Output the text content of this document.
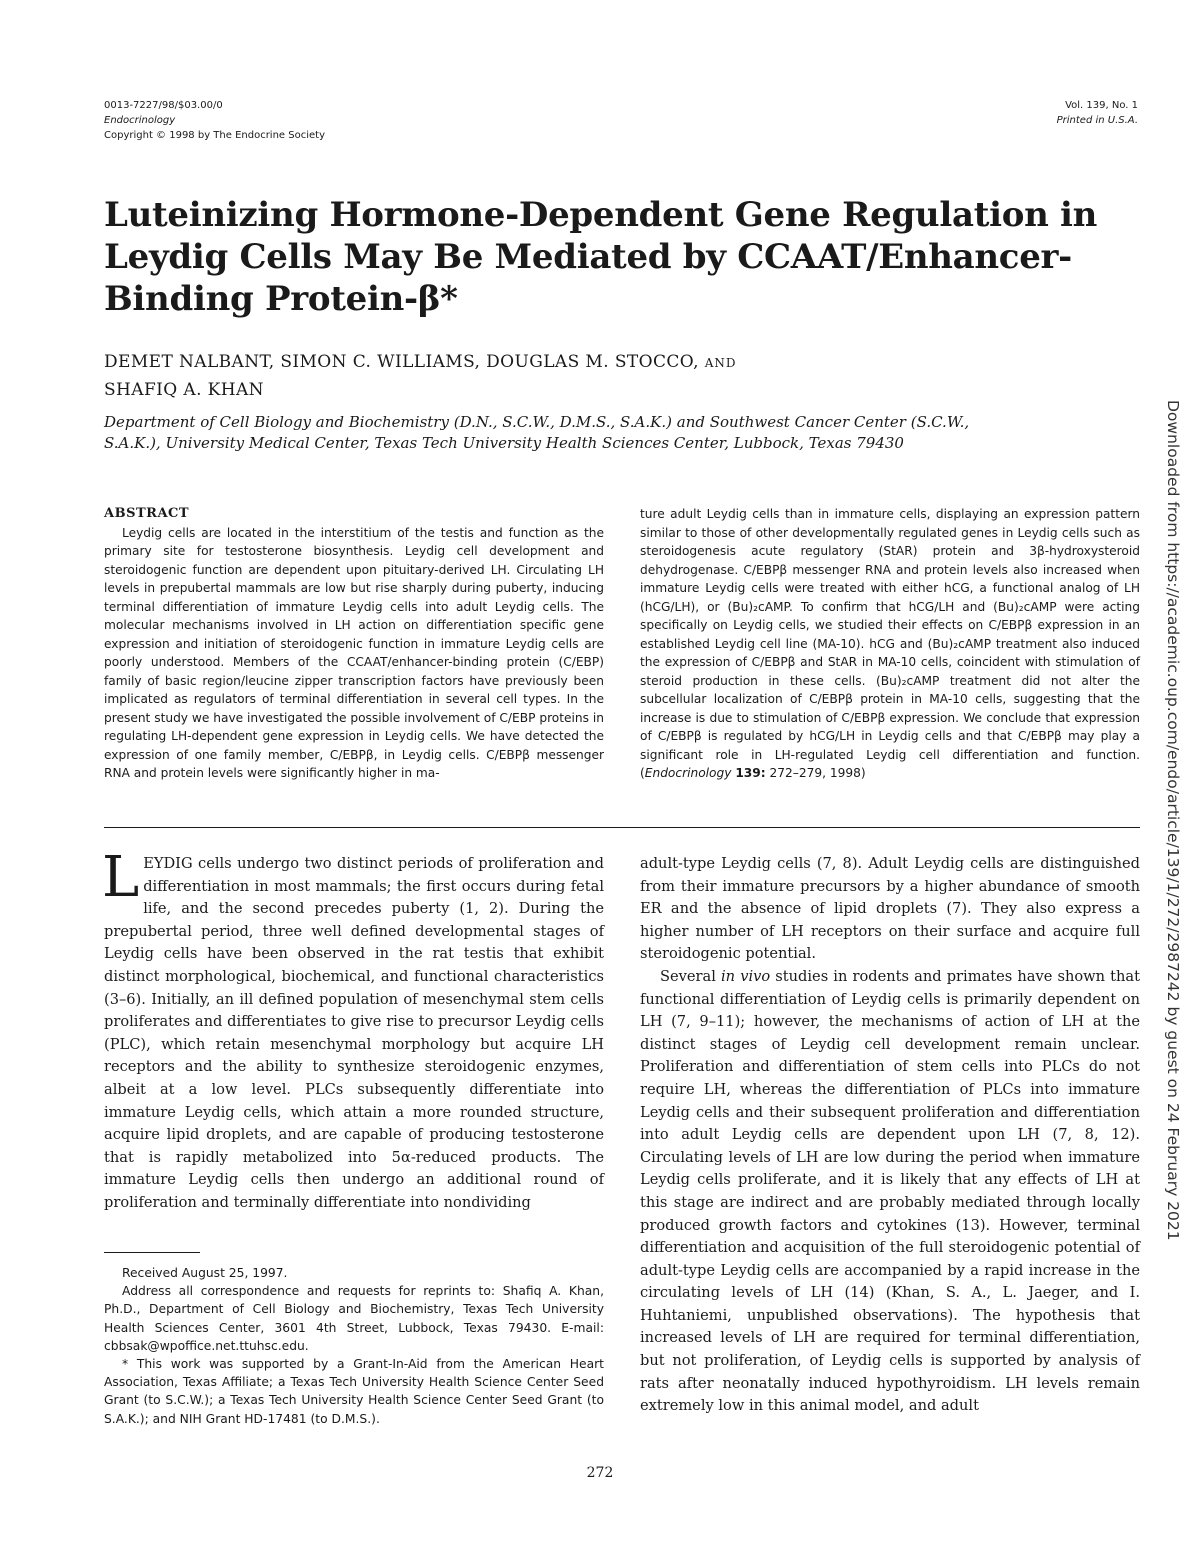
0013-7227/98/$03.00/0
Endocrinology
Copyright © 1998 by The Endocrine Society
Vol. 139, No. 1
Printed in U.S.A.
Luteinizing Hormone-Dependent Gene Regulation in Leydig Cells May Be Mediated by CCAAT/Enhancer-Binding Protein-β*
DEMET NALBANT, SIMON C. WILLIAMS, DOUGLAS M. STOCCO, AND
SHAFIQ A. KHAN
Department of Cell Biology and Biochemistry (D.N., S.C.W., D.M.S., S.A.K.) and Southwest Cancer Center (S.C.W., S.A.K.), University Medical Center, Texas Tech University Health Sciences Center, Lubbock, Texas 79430
ABSTRACT

Leydig cells are located in the interstitium of the testis and function as the primary site for testosterone biosynthesis. Leydig cell development and steroidogenic function are dependent upon pituitary-derived LH. Circulating LH levels in prepubertal mammals are low but rise sharply during puberty, inducing terminal differentiation of immature Leydig cells into adult Leydig cells. The molecular mechanisms involved in LH action on differentiation specific gene expression and initiation of steroidogenic function in immature Leydig cells are poorly understood. Members of the CCAAT/enhancer-binding protein (C/EBP) family of basic region/leucine zipper transcription factors have previously been implicated as regulators of terminal differentiation in several cell types. In the present study we have investigated the possible involvement of C/EBP proteins in regulating LH-dependent gene expression in Leydig cells. We have detected the expression of one family member, C/EBPβ, in Leydig cells. C/EBPβ messenger RNA and protein levels were significantly higher in ma-

ture adult Leydig cells than in immature cells, displaying an expression pattern similar to those of other developmentally regulated genes in Leydig cells such as steroidogenesis acute regulatory (StAR) protein and 3β-hydroxysteroid dehydrogenase. C/EBPβ messenger RNA and protein levels also increased when immature Leydig cells were treated with either hCG, a functional analog of LH (hCG/LH), or (Bu)₂cAMP. To confirm that hCG/LH and (Bu)₂cAMP were acting specifically on Leydig cells, we studied their effects on C/EBPβ expression in an established Leydig cell line (MA-10). hCG and (Bu)₂cAMP treatment also induced the expression of C/EBPβ and StAR in MA-10 cells, coincident with stimulation of steroid production in these cells. (Bu)₂cAMP treatment did not alter the subcellular localization of C/EBPβ protein in MA-10 cells, suggesting that the increase is due to stimulation of C/EBPβ expression. We conclude that expression of C/EBPβ is regulated by hCG/LH in Leydig cells and that C/EBPβ may play a significant role in LH-regulated Leydig cell differentiation and function. (Endocrinology 139: 272–279, 1998)

LEYDIG cells undergo two distinct periods of proliferation and differentiation in most mammals; the first occurs during fetal life, and the second precedes puberty (1, 2). During the prepubertal period, three well defined developmental stages of Leydig cells have been observed in the rat testis that exhibit distinct morphological, biochemical, and functional characteristics (3–6). Initially, an ill defined population of mesenchymal stem cells proliferates and differentiates to give rise to precursor Leydig cells (PLC), which retain mesenchymal morphology but acquire LH receptors and the ability to synthesize steroidogenic enzymes, albeit at a low level. PLCs subsequently differentiate into immature Leydig cells, which attain a more rounded structure, acquire lipid droplets, and are capable of producing testosterone that is rapidly metabolized into 5α-reduced products. The immature Leydig cells then undergo an additional round of proliferation and terminally differentiate into nondividing

adult-type Leydig cells (7, 8). Adult Leydig cells are distinguished from their immature precursors by a higher abundance of smooth ER and the absence of lipid droplets (7). They also express a higher number of LH receptors on their surface and acquire full steroidogenic potential.

Several in vivo studies in rodents and primates have shown that functional differentiation of Leydig cells is primarily dependent on LH (7, 9–11); however, the mechanisms of action of LH at the distinct stages of Leydig cell development remain unclear. Proliferation and differentiation of stem cells into PLCs do not require LH, whereas the differentiation of PLCs into immature Leydig cells and their subsequent proliferation and differentiation into adult Leydig cells are dependent upon LH (7, 8, 12). Circulating levels of LH are low during the period when immature Leydig cells proliferate, and it is likely that any effects of LH at this stage are indirect and are probably mediated through locally produced growth factors and cytokines (13). However, terminal differentiation and acquisition of the full steroidogenic potential of adult-type Leydig cells are accompanied by a rapid increase in the circulating levels of LH (14) (Khan, S. A., L. Jaeger, and I. Huhtaniemi, unpublished observations). The hypothesis that increased levels of LH are required for terminal differentiation, but not proliferation, of Leydig cells is supported by analysis of rats after neonatally induced hypothyroidism. LH levels remain extremely low in this animal model, and adult

Received August 25, 1997.

Address all correspondence and requests for reprints to: Shafiq A. Khan, Ph.D., Department of Cell Biology and Biochemistry, Texas Tech University Health Sciences Center, 3601 4th Street, Lubbock, Texas 79430. E-mail: cbbsak@wpoffice.net.ttuhsc.edu.

* This work was supported by a Grant-In-Aid from the American Heart Association, Texas Affiliate; a Texas Tech University Health Science Center Seed Grant (to S.C.W.); a Texas Tech University Health Science Center Seed Grant (to S.A.K.); and NIH Grant HD-17481 (to D.M.S.).

272
Downloaded from https://academic.oup.com/endo/article/139/1/272/2987242 by guest on 24 February 2021
